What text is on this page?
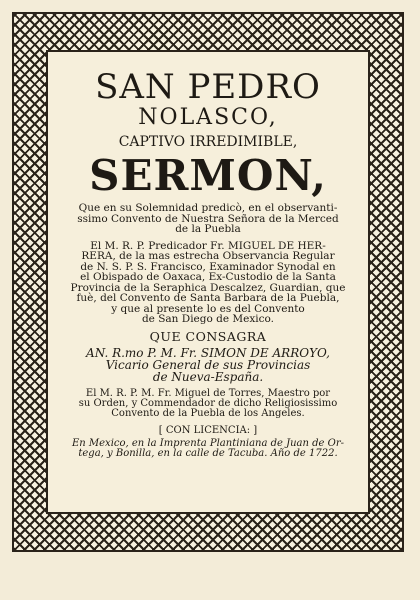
SAN PEDRO
NOLASCO,
CAPTIVO IRREDIMIBLE,
SERMON,
Que en su Solemnidad predicò, en el observanti-
ssimo Convento de Nuestra Señora de la Merced
de la Puebla
El M. R. P. Predicador Fr. MIGUEL DE HER-
RERA, de la mas estrecha Observancia Regular
de N. S. P. S. Francisco, Examinador Synodal en
el Obispado de Oaxaca, Ex-Custodio de la Santa
Provincia de la Seraphica Descalzez, Guardian, que
fuè, del Convento de Santa Barbara de la Puebla,
y que al presente lo es del Convento
de San Diego de Mexico.
QUE CONSAGRA
AN. R.mo P. M. Fr. SIMON DE ARROYO,
Vicario General de sus Provincias
de Nueva-España.
El M. R. P. M. Fr. Miguel de Torres, Maestro por
su Orden, y Commendador de dicho Religiosissimo
Convento de la Puebla de los Angeles.
[ CON LICENCIA: ]
En Mexico, en la Imprenta Plantiniana de Juan de Or-
tega, y Bonilla, en la calle de Tacuba. Año de 1722.
